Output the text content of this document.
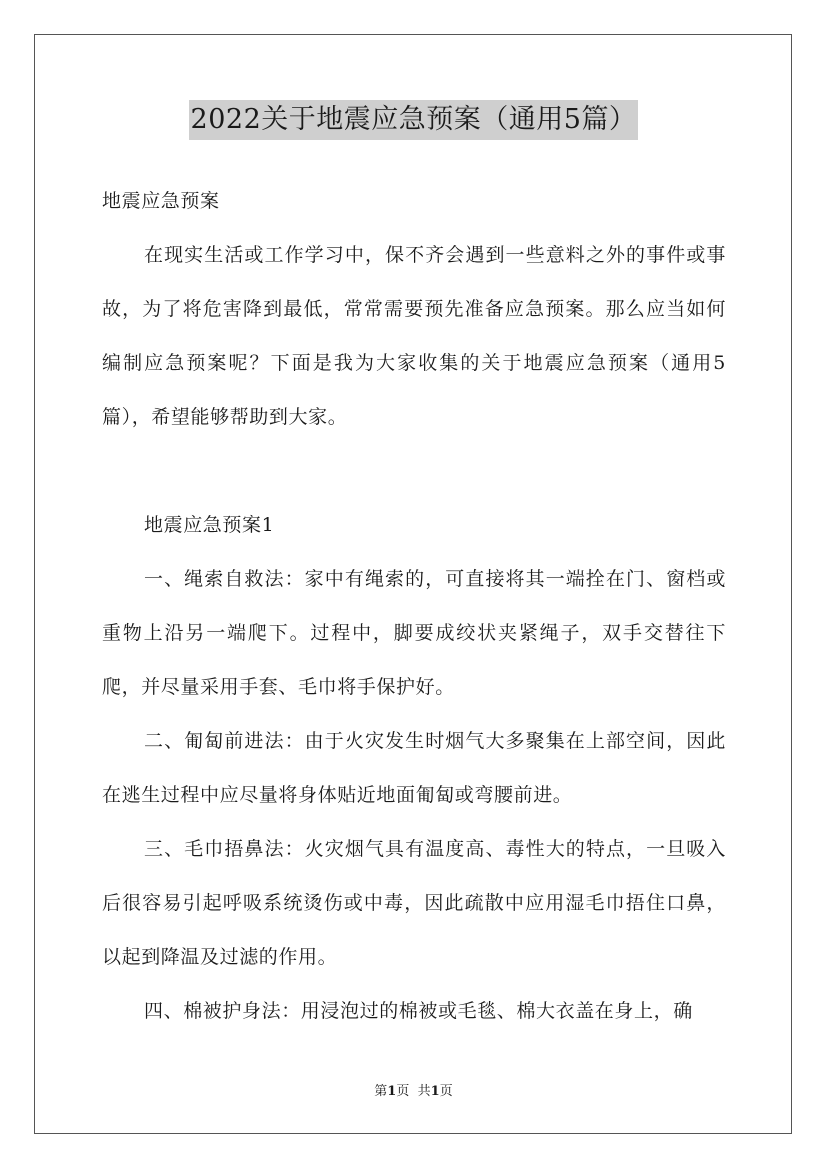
2022关于地震应急预案（通用5篇）

地震应急预案

在现实生活或工作学习中，保不齐会遇到一些意料之外的事件或事故，为了将危害降到最低，常常需要预先准备应急预案。那么应当如何编制应急预案呢？下面是我为大家收集的关于地震应急预案（通用5篇），希望能够帮助到大家。

地震应急预案1

一、绳索自救法：家中有绳索的，可直接将其一端拴在门、窗档或重物上沿另一端爬下。过程中，脚要成绞状夹紧绳子，双手交替往下爬，并尽量采用手套、毛巾将手保护好。

二、匍匐前进法：由于火灾发生时烟气大多聚集在上部空间，因此在逃生过程中应尽量将身体贴近地面匍匐或弯腰前进。

三、毛巾捂鼻法：火灾烟气具有温度高、毒性大的特点，一旦吸入后很容易引起呼吸系统烫伤或中毒，因此疏散中应用湿毛巾捂住口鼻，以起到降温及过滤的作用。

四、棉被护身法：用浸泡过的棉被或毛毯、棉大衣盖在身上，确

第1页 共1页
